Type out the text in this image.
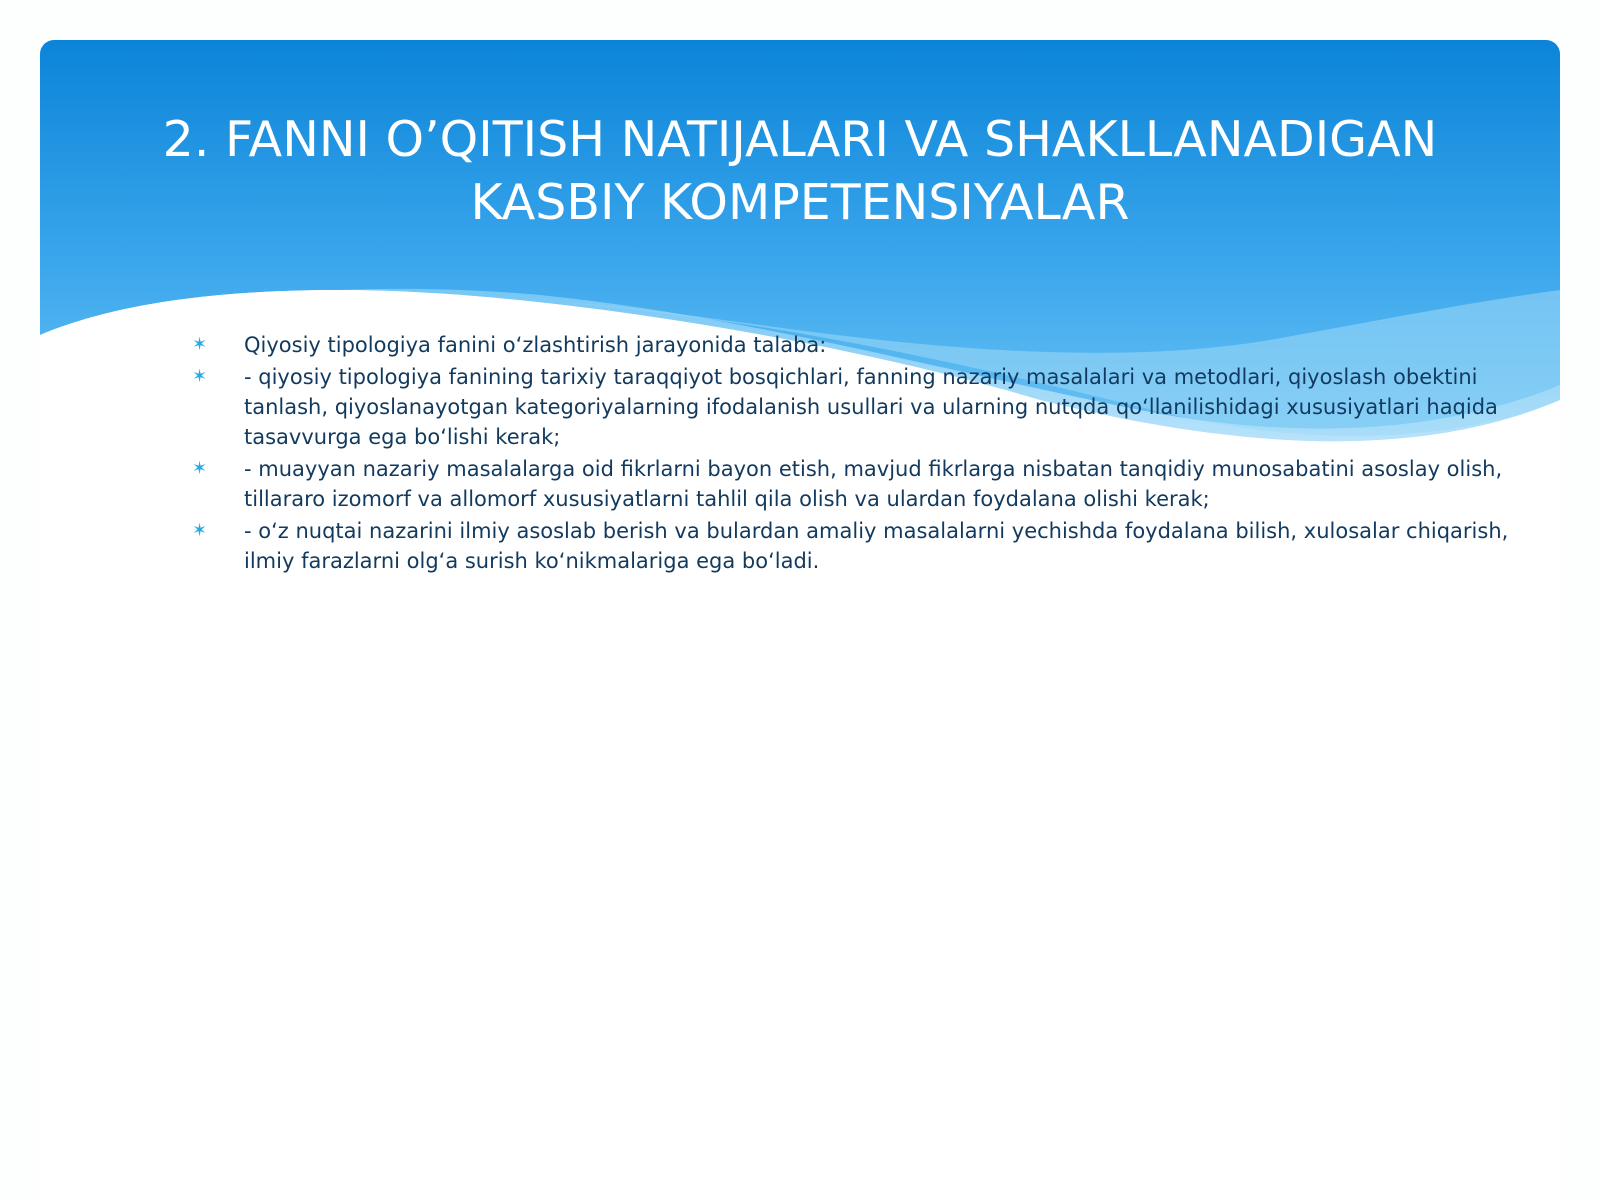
2. FANNI O’QITISH NATIJALARI VA SHAKLLANADIGAN
KASBIY KOMPETENSIYALAR
✶ Qiyosiy tipologiya fanini o‘zlashtirish jarayonida talaba:
✶ - qiyosiy tipologiya fanining tarixiy taraqqiyot bosqichlari, fanning nazariy masalalari va metodlari, qiyoslash obektini tanlash, qiyoslanayotgan kategoriyalarning ifodalanish usullari va ularning nutqda qo‘llanilishidagi xususiyatlari haqida tasavvurga ega bo‘lishi kerak;
✶ - muayyan nazariy masalalarga oid fikrlarni bayon etish, mavjud fikrlarga nisbatan tanqidiy munosabatini asoslay olish, tillararo izomorf va allomorf xususiyatlarni tahlil qila olish va ulardan foydalana olishi kerak;
✶ - o‘z nuqtai nazarini ilmiy asoslab berish va bulardan amaliy masalalarni yechishda foydalana bilish, xulosalar chiqarish, ilmiy farazlarni olg‘a surish ko‘nikmalariga ega bo‘ladi.
